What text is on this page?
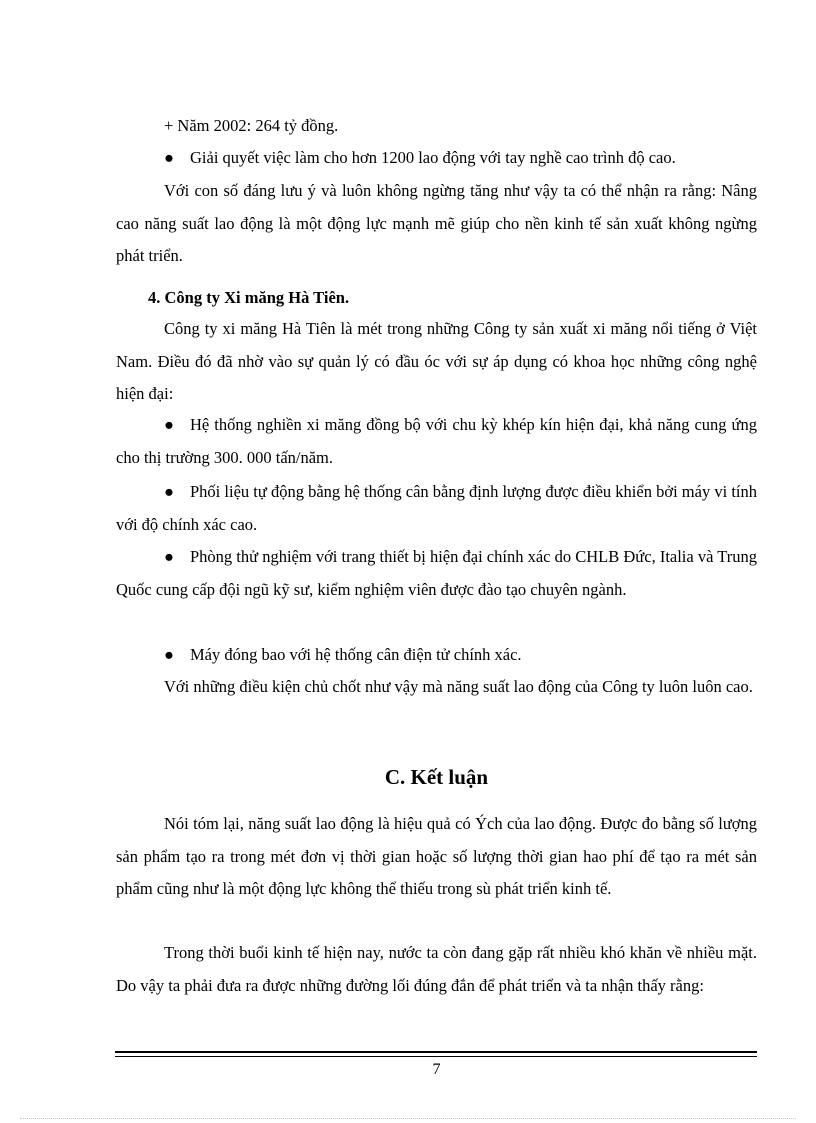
+ Năm 2002: 264 tỷ đồng.
● Giải quyết việc làm cho hơn 1200 lao động với tay nghề cao trình độ cao.
Với con số đáng lưu ý và luôn không ngừng tăng như vậy ta có thể nhận ra rằng: Nâng cao năng suất lao động là một động lực mạnh mẽ giúp cho nền kinh tế sản xuất không ngừng phát triển.
4. Công ty Xi măng Hà Tiên.
Công ty xi măng Hà Tiên là mét trong những Công ty sản xuất xi măng nổi tiếng ở Việt Nam. Điều đó đã nhờ vào sự quản lý có đầu óc với sự áp dụng có khoa học những công nghệ hiện đại:
● Hệ thống nghiền xi măng đồng bộ với chu kỳ khép kín hiện đại, khả năng cung ứng cho thị trường 300. 000 tấn/năm.
● Phối liệu tự động bằng hệ thống cân bằng định lượng được điều khiển bởi máy vi tính với độ chính xác cao.
● Phòng thử nghiệm với trang thiết bị hiện đại chính xác do CHLB Đức, Italia và Trung Quốc cung cấp đội ngũ kỹ sư, kiểm nghiệm viên được đào tạo chuyên ngành.
● Máy đóng bao với hệ thống cân điện tử chính xác.
Với những điều kiện chủ chốt như vậy mà năng suất lao động của Công ty luôn luôn cao.
C. Kết luận
Nói tóm lại, năng suất lao động là hiệu quả có Ých của lao động. Được đo bằng số lượng sản phẩm tạo ra trong mét đơn vị thời gian hoặc số lượng thời gian hao phí để tạo ra mét sản phẩm cũng như là một động lực không thể thiếu trong sù phát triển kinh tế.
Trong thời buổi kinh tế hiện nay, nước ta còn đang gặp rất nhiều khó khăn về nhiều mặt. Do vậy ta phải đưa ra được những đường lối đúng đắn để phát triển và ta nhận thấy rằng:
7
